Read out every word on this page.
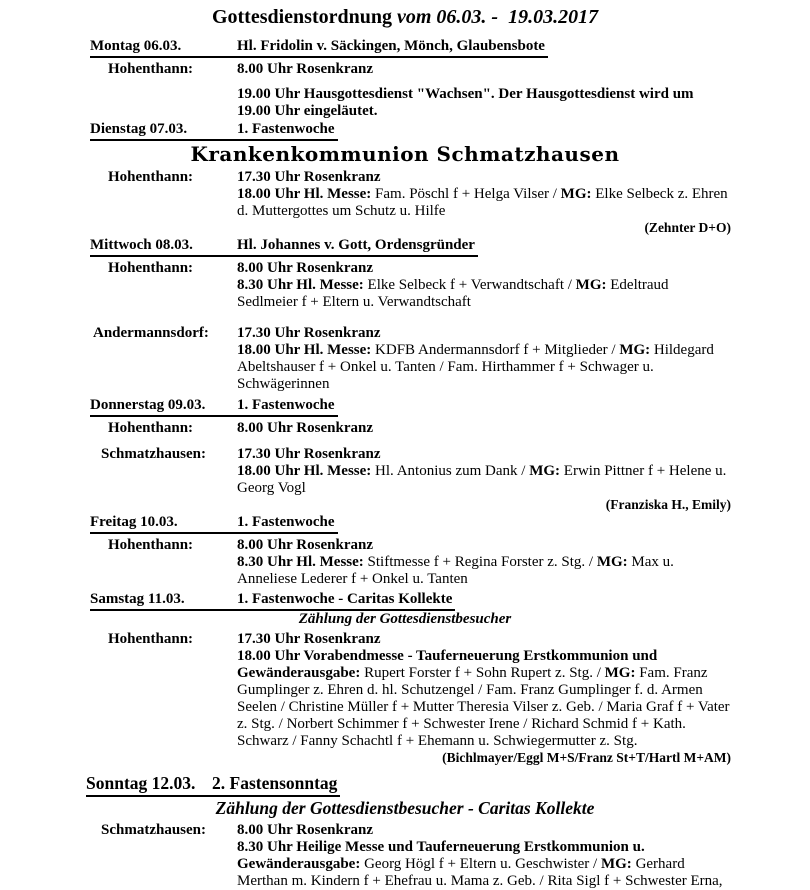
Gottesdienstordnung vom 06.03. -  19.03.2017
Montag 06.03.	Hl. Fridolin v. Säckingen, Mönch, Glaubensbote
Hohenthann:	8.00 Uhr Rosenkranz

19.00 Uhr Hausgottesdienst "Wachsen". Der Hausgottesdienst wird um 19.00 Uhr eingeläutet.

Dienstag 07.03.	1. Fastenwoche

Krankenkommunion Schmatzhausen

Hohenthann:	17.30 Uhr Rosenkranz

18.00 Uhr Hl. Messe: Fam. Pöschl f + Helga Vilser / MG: Elke Selbeck z. Ehren d. Muttergottes um Schutz u. Hilfe

(Zehnter D+O)

Mittwoch 08.03.	Hl. Johannes v. Gott, Ordensgründer
Hohenthann:	8.00 Uhr Rosenkranz

8.30 Uhr Hl. Messe: Elke Selbeck f + Verwandtschaft / MG: Edeltraud Sedlmeier f + Eltern u. Verwandtschaft

Andermannsdorf:	17.30 Uhr Rosenkranz

18.00 Uhr Hl. Messe: KDFB Andermannsdorf f + Mitglieder / MG: Hildegard Abeltshauser f + Onkel u. Tanten / Fam. Hirthammer f + Schwager u. Schwägerinnen

Donnerstag 09.03. 1. Fastenwoche
Hohenthann:	8.00 Uhr Rosenkranz

Schmatzhausen:	17.30 Uhr Rosenkranz

18.00 Uhr Hl. Messe: Hl. Antonius zum Dank / MG: Erwin Pittner f + Helene u. Georg Vogl

(Franziska H., Emily)

Freitag 10.03.	1. Fastenwoche
Hohenthann:	8.00 Uhr Rosenkranz

8.30 Uhr Hl. Messe: Stiftmesse f + Regina Forster z. Stg. / MG: Max u. Anneliese Lederer f + Onkel u. Tanten

Samstag 11.03.	1. Fastenwoche - Caritas Kollekte

Zählung der Gottesdienstbesucher

Hohenthann:	17.30 Uhr Rosenkranz

18.00 Uhr Vorabendmesse - Tauferneuerung Erstkommunion und Gewänderausgabe: Rupert Forster f + Sohn Rupert z. Stg. / MG: Fam. Franz Gumplinger z. Ehren d. hl. Schutzengel / Fam. Franz Gumplinger f. d. Armen Seelen / Christine Müller f + Mutter Theresia Vilser z. Geb. / Maria Graf f + Vater z. Stg. / Norbert Schimmer f + Schwester Irene / Richard Schmid f + Kath. Schwarz / Fanny Schachtl f + Ehemann u. Schwiegermutter z. Stg.

(Bichlmayer/Eggl M+S/Franz St+T/Hartl M+AM)

Sonntag 12.03. 2. Fastensonntag

Zählung der Gottesdienstbesucher - Caritas Kollekte

Schmatzhausen:	8.00 Uhr Rosenkranz

8.30 Uhr Heilige Messe und Tauferneuerung Erstkommunion u. Gewänderausgabe: Georg Högl f + Eltern u. Geschwister / MG: Gerhard Merthan m. Kindern f + Ehefrau u. Mama z. Geb. / Rita Sigl f + Schwester Erna,
